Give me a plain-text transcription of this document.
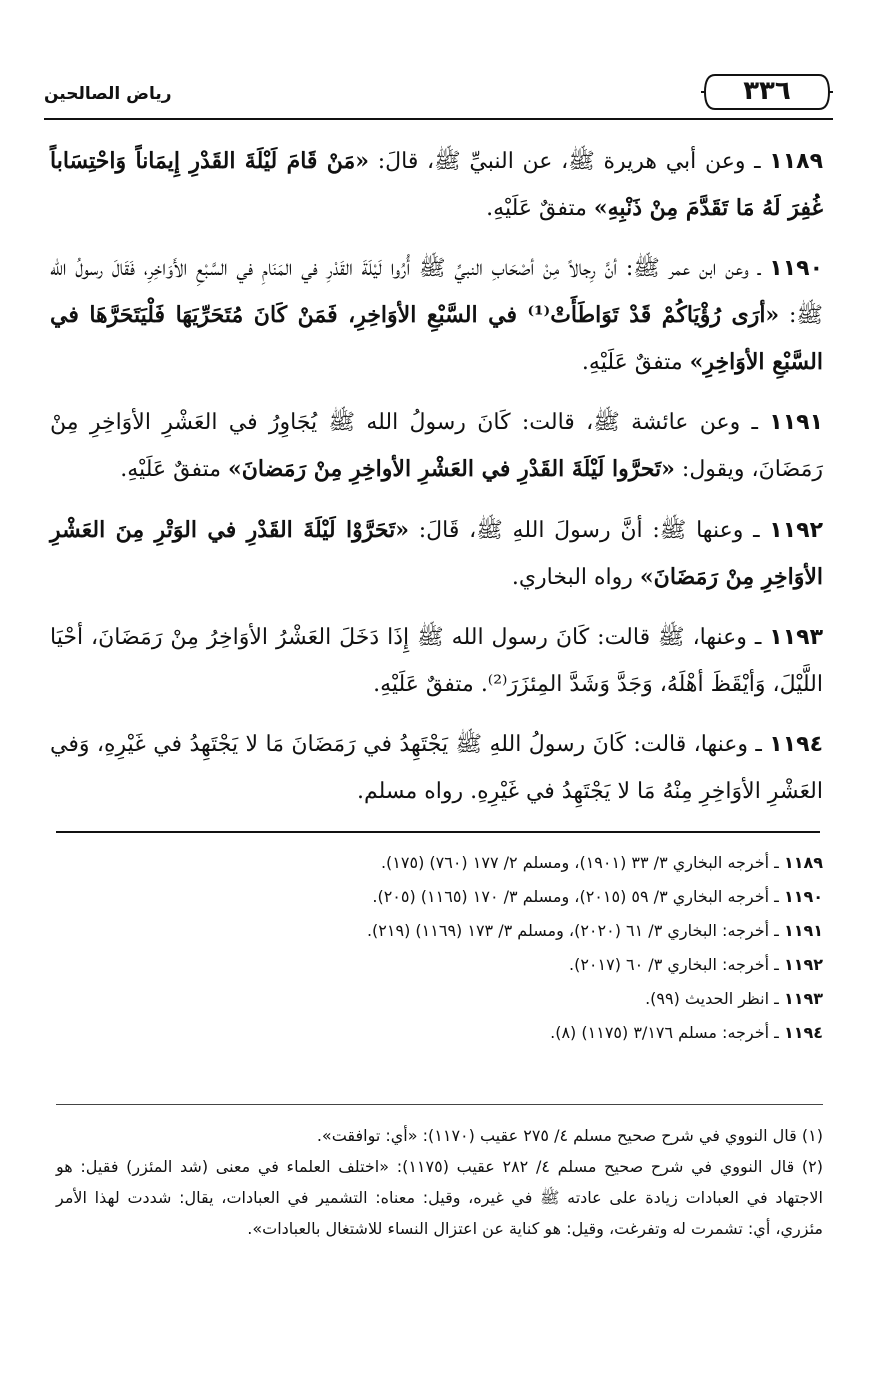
٣٣٦
رياض الصالحين

١١٨٩ ـ وعن أبي هريرة ﷺ، عن النبيِّ ﷺ، قالَ: «مَنْ قَامَ لَيْلَةَ القَدْرِ إِيمَاناً وَاحْتِسَاباً غُفِرَ لَهُ مَا تَقَدَّمَ مِنْ ذَنْبِهِ» متفقٌ عَلَيْهِ.

١١٩٠ ـ وعن ابن عمر ﷺ: أنَّ رِجالاً مِنْ أصْحَابِ النبيِّ ﷺ أُرُوا لَيْلَةَ القَدْرِ في المَنَامِ في السَّبْعِ الأَوَاخِرِ، فَقَالَ رسولُ الله ﷺ: «أرَى رُؤْيَاكُمْ قَدْ تَوَاطَأَتْ⁽¹⁾ في السَّبْعِ الأوَاخِرِ، فَمَنْ كَانَ مُتَحَرِّيَهَا فَلْيَتَحَرَّهَا في السَّبْعِ الأوَاخِرِ» متفقٌ عَلَيْهِ.

١١٩١ ـ وعن عائشة ﷺ، قالت: كَانَ رسولُ الله ﷺ يُجَاوِرُ في العَشْرِ الأوَاخِرِ مِنْ رَمَضَانَ، ويقول: «تَحرَّوا لَيْلَةَ القَدْرِ في العَشْرِ الأواخِرِ مِنْ رَمَضانَ» متفقٌ عَلَيْهِ.

١١٩٢ ـ وعنها ﷺ: أنَّ رسولَ اللهِ ﷺ، قَالَ: «تَحَرَّوْا لَيْلَةَ القَدْرِ في الوَتْرِ مِنَ العَشْرِ الأوَاخِرِ مِنْ رَمَضَانَ» رواه البخاري.

١١٩٣ ـ وعنها، ﷺ قالت: كَانَ رسول الله ﷺ إِذَا دَخَلَ العَشْرُ الأوَاخِرُ مِنْ رَمَضَانَ، أحْيَا اللَّيْلَ، وَأيْقَظَ أهْلَهُ، وَجَدَّ وَشَدَّ المِئزَرَ⁽²⁾. متفقٌ عَلَيْهِ.

١١٩٤ ـ وعنها، قالت: كَانَ رسولُ اللهِ ﷺ يَجْتَهِدُ في رَمَضَانَ مَا لا يَجْتَهِدُ في غَيْرِهِ، وَفي العَشْرِ الأوَاخِرِ مِنْهُ مَا لا يَجْتَهِدُ في غَيْرِهِ. رواه مسلم.

١١٨٩ ـ أخرجه البخاري ٣/ ٣٣ (١٩٠١)، ومسلم ٢/ ١٧٧ (٧٦٠) (١٧٥).
١١٩٠ ـ أخرجه البخاري ٣/ ٥٩ (٢٠١٥)، ومسلم ٣/ ١٧٠ (١١٦٥) (٢٠٥).
١١٩١ ـ أخرجه: البخاري ٣/ ٦١ (٢٠٢٠)، ومسلم ٣/ ١٧٣ (١١٦٩) (٢١٩).
١١٩٢ ـ أخرجه: البخاري ٣/ ٦٠ (٢٠١٧).
١١٩٣ ـ انظر الحديث (٩٩).
١١٩٤ ـ أخرجه: مسلم ٣/١٧٦ (١١٧٥) (٨).

(١) قال النووي في شرح صحيح مسلم ٤/ ٢٧٥ عقيب (١١٧٠): «أي: توافقت».

(٢) قال النووي في شرح صحيح مسلم ٤/ ٢٨٢ عقيب (١١٧٥): «اختلف العلماء في معنى (شد المئزر) فقيل: هو الاجتهاد في العبادات زيادة على عادته ﷺ في غيره، وقيل: معناه: التشمير في العبادات، يقال: شددت لهذا الأمر مئزري، أي: تشمرت له وتفرغت، وقيل: هو كناية عن اعتزال النساء للاشتغال بالعبادات».
